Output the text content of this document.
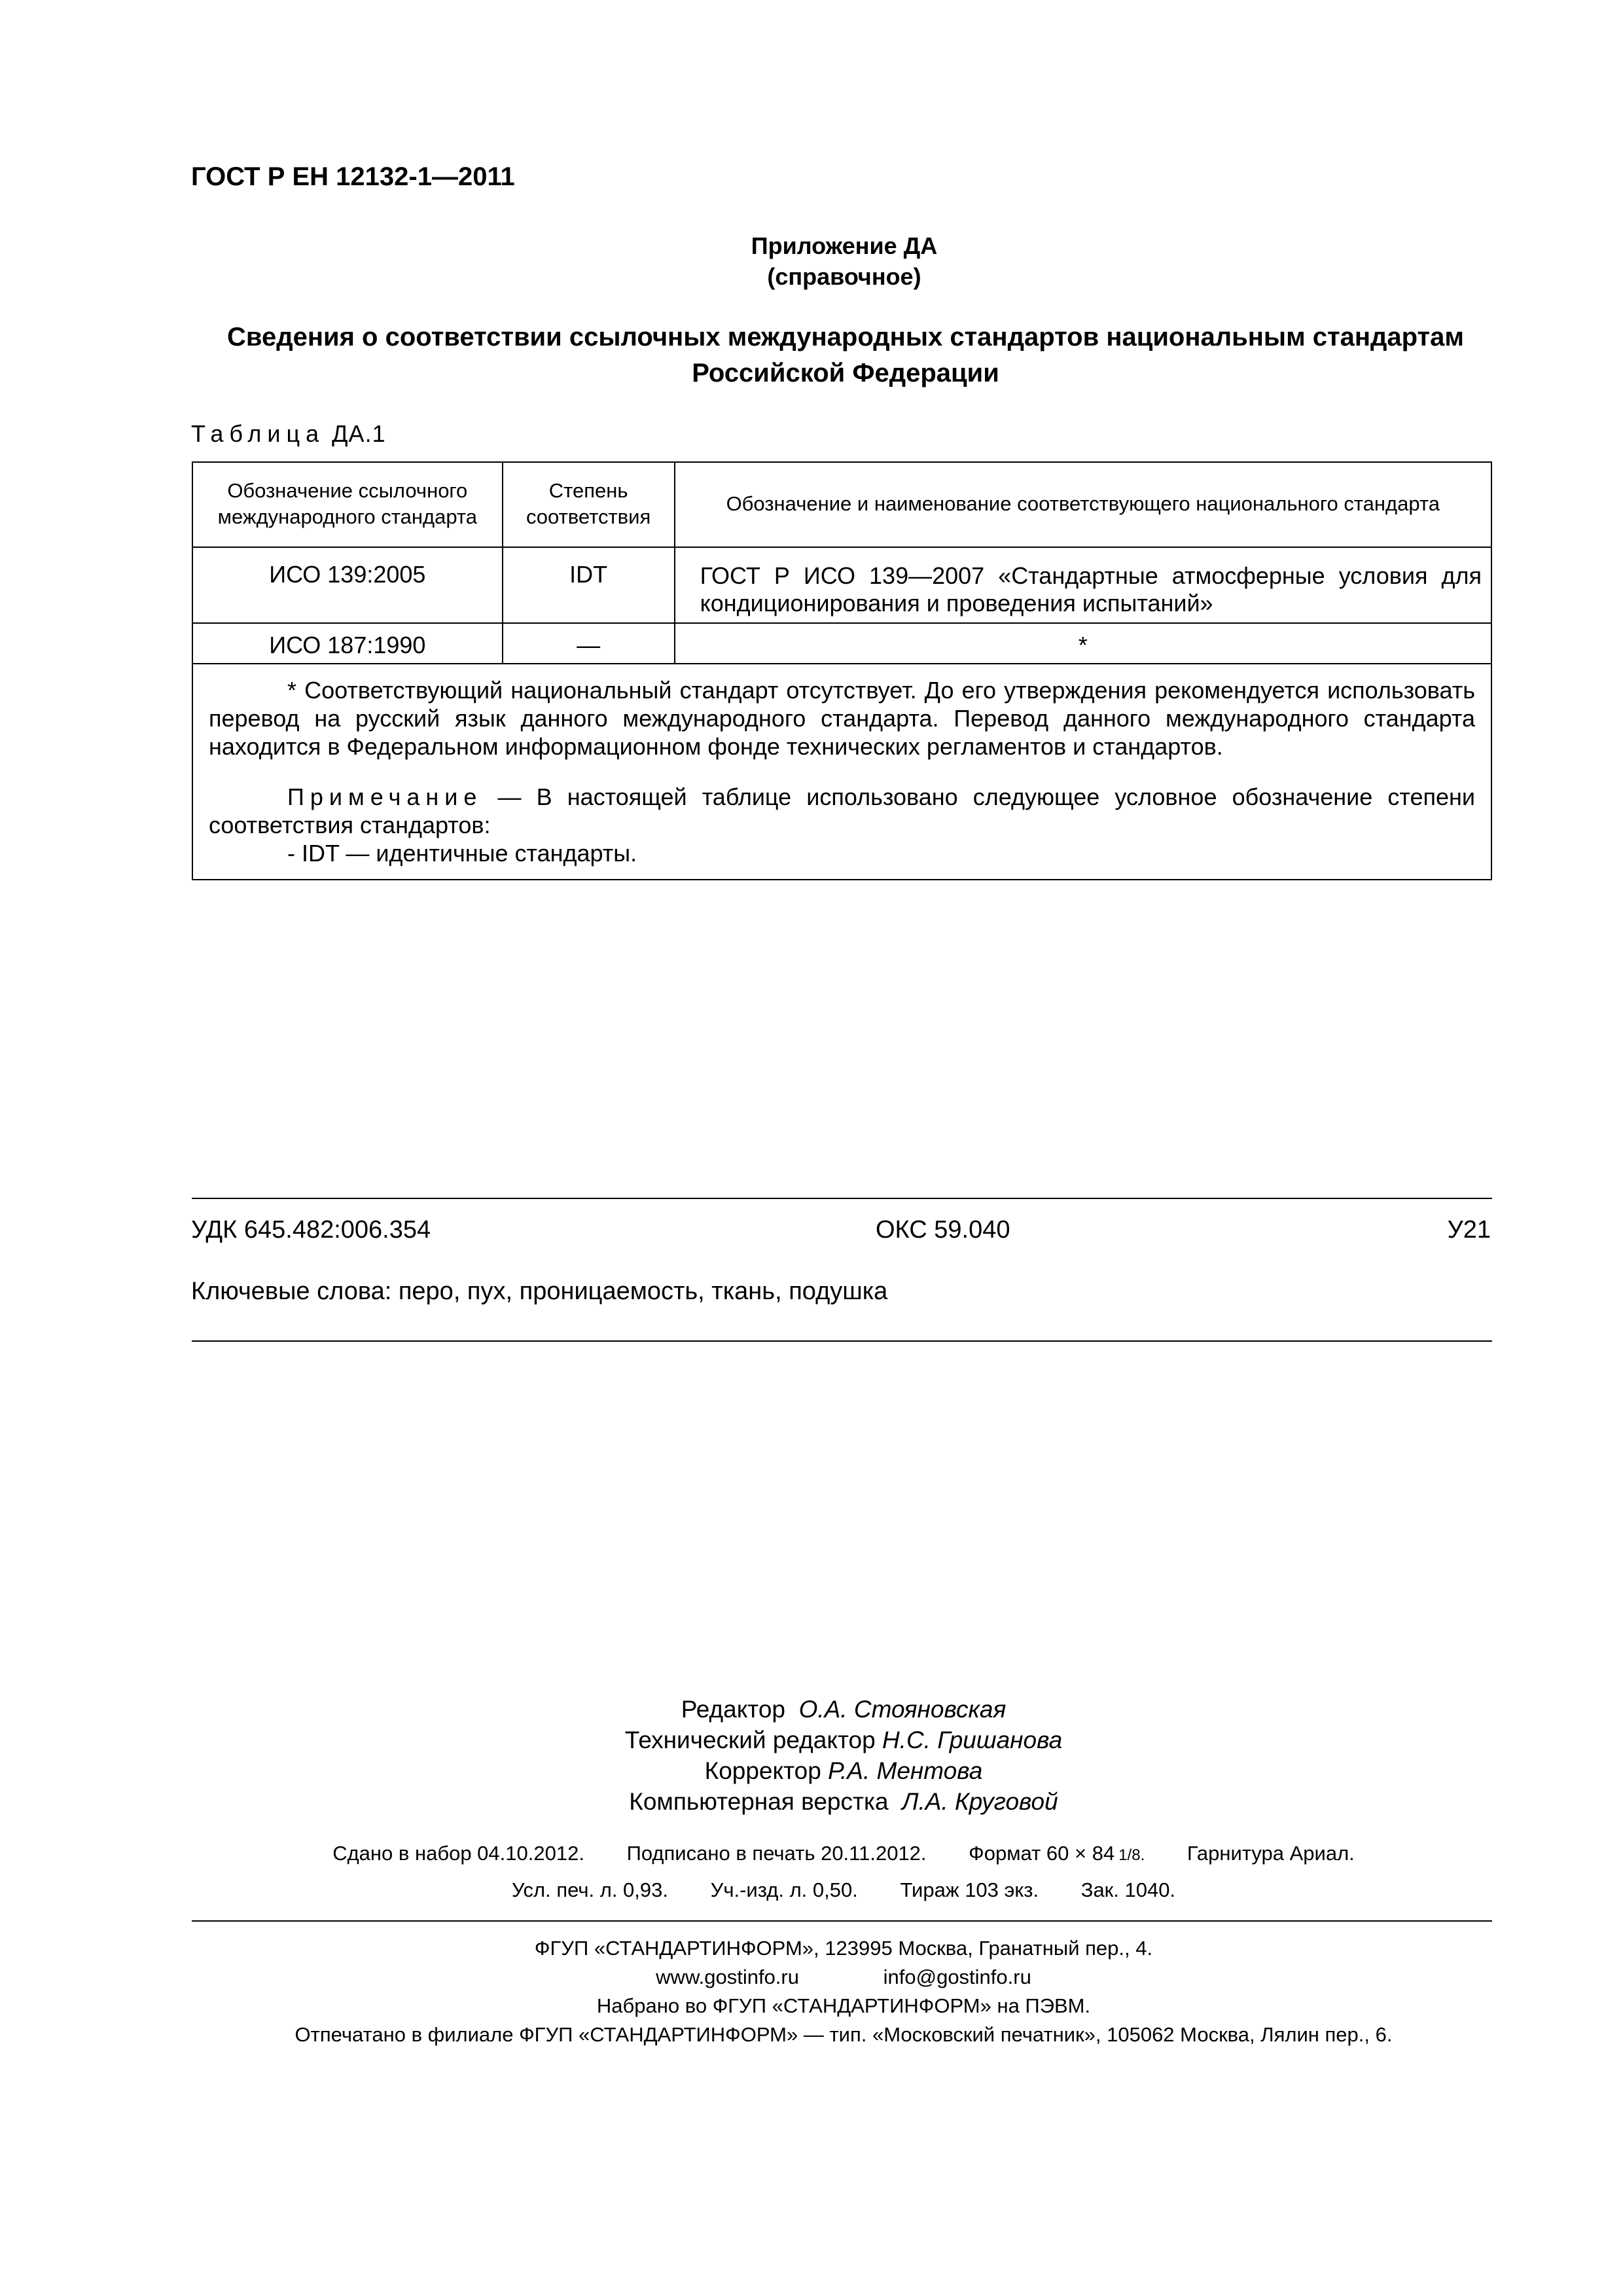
ГОСТ Р ЕН 12132-1—2011
Приложение ДА
(справочное)
Сведения о соответствии ссылочных международных стандартов национальным стандартам
Российской Федерации
Таблица ДА.1
Обозначение ссылочного международного стандарта	Степень соответствия	Обозначение и наименование соответствующего национального стандарта
ИСО 139:2005	IDT	ГОСТ Р ИСО 139—2007 «Стандартные атмосферные условия для кондиционирования и проведения испытаний»
ИСО 187:1990	—	*

* Соответствующий национальный стандарт отсутствует. До его утверждения рекомендуется использовать перевод на русский язык данного международного стандарта. Перевод данного международного стандарта находится в Федеральном информационном фонде технических регламентов и стандартов.

Примечание — В настоящей таблице использовано следующее условное обозначение степени соответствия стандартов:

- IDT — идентичные стандарты.		

УДК 645.482:006.354	ОКС 59.040	У21
Ключевые слова: перо, пух, проницаемость, ткань, подушка
Редактор О.А. Стояновская
Технический редактор Н.С. Гришанова
Корректор Р.А. Ментова
Компьютерная верстка Л.А. Круговой
Сдано в набор 04.10.2012. Подписано в печать 20.11.2012. Формат 60 × 84 1/8. Гарнитура Ариал.
Усл. печ. л. 0,93. Уч.-изд. л. 0,50. Тираж 103 экз. Зак. 1040.
ФГУП «СТАНДАРТИНФОРМ», 123995 Москва, Гранатный пер., 4.
www.gostinfo.ru	info@gostinfo.ru
Набрано во ФГУП «СТАНДАРТИНФОРМ» на ПЭВМ.
Отпечатано в филиале ФГУП «СТАНДАРТИНФОРМ» — тип. «Московский печатник», 105062 Москва, Лялин пер., 6.
